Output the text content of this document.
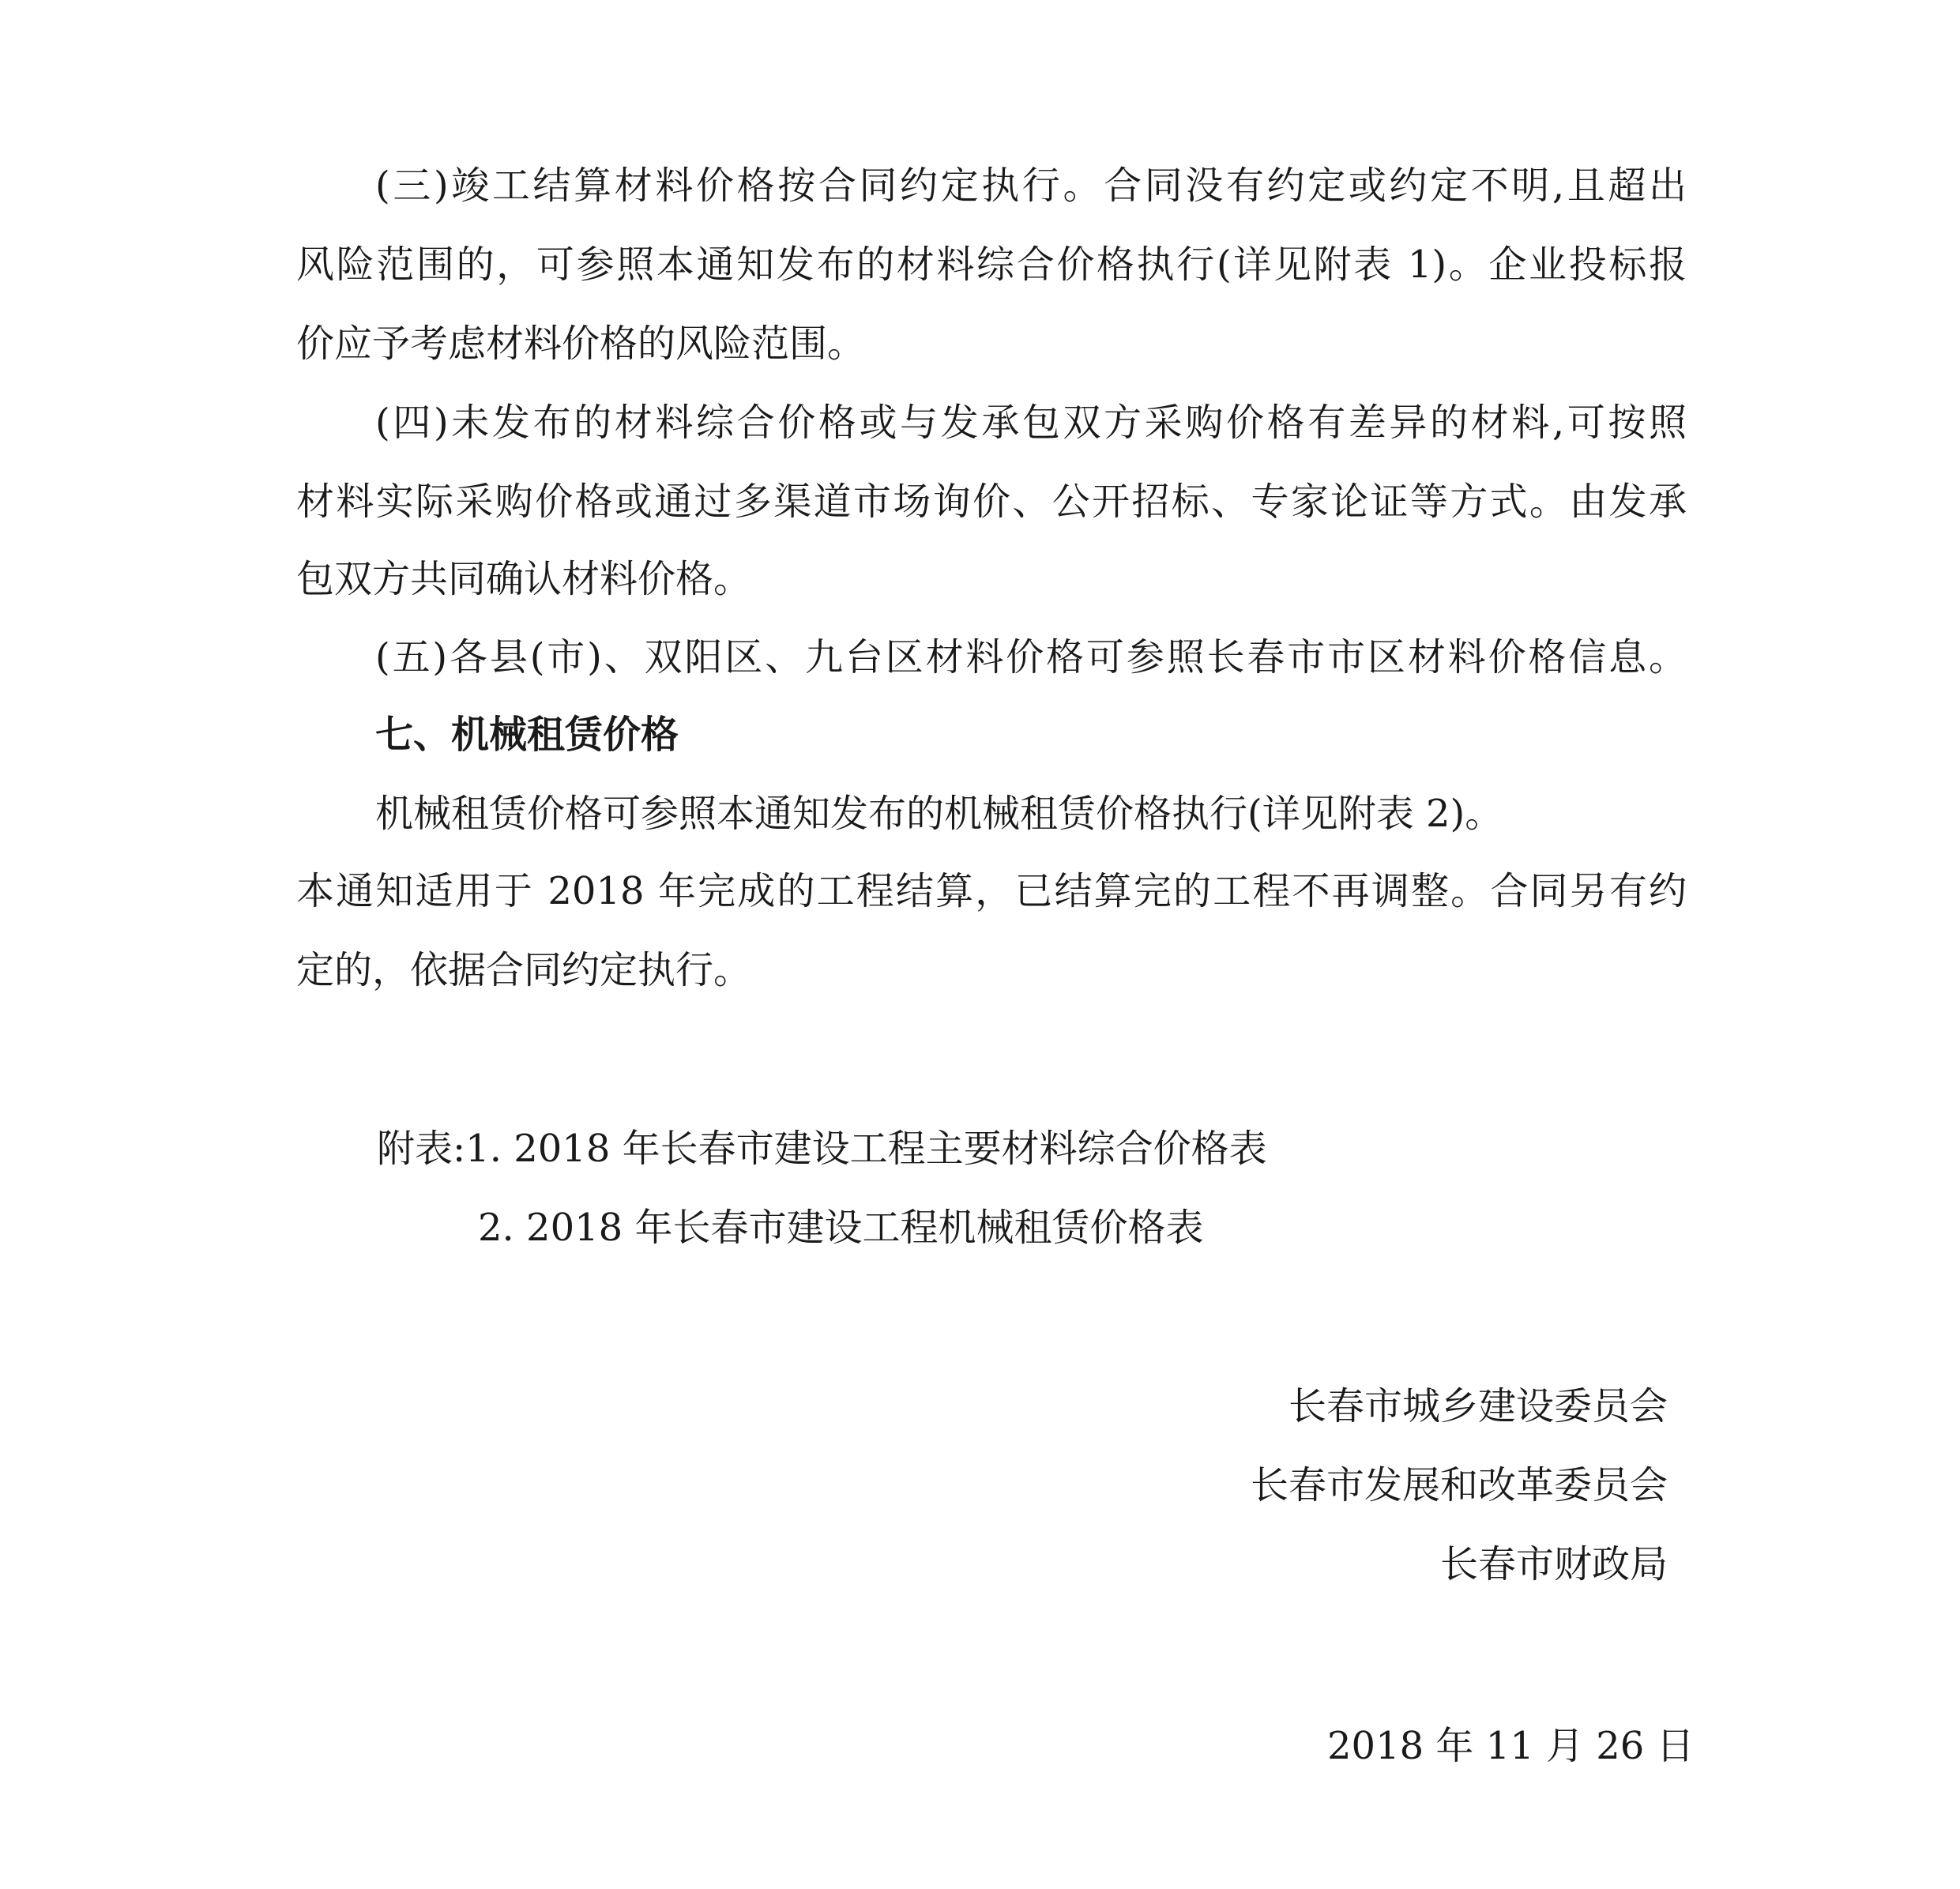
(三)竣工结算材料价格按合同约定执行。合同没有约定或约定不明,且超出
风险范围的，可参照本通知发布的材料综合价格执行(详见附表 1)。企业投标报
价应予考虑材料价格的风险范围。
(四)未发布的材料综合价格或与发承包双方采购价格有差异的材料,可按照
材料实际采购价格或通过多渠道市场询价、公开招标、专家论证等方式。由发承
包双方共同确认材料价格。
(五)各县(市)、双阳区、九台区材料价格可参照长春市市区材料价格信息。
七、机械租赁价格
机械租赁价格可参照本通知发布的机械租赁价格执行(详见附表 2)。
本通知适用于 2018 年完成的工程结算，已结算完的工程不再调整。合同另有约
定的，依据合同约定执行。
附表:1. 2018 年长春市建设工程主要材料综合价格表
2. 2018 年长春市建设工程机械租赁价格表
长春市城乡建设委员会
长春市发展和改革委员会
长春市财政局
2018 年 11 月 26 日
